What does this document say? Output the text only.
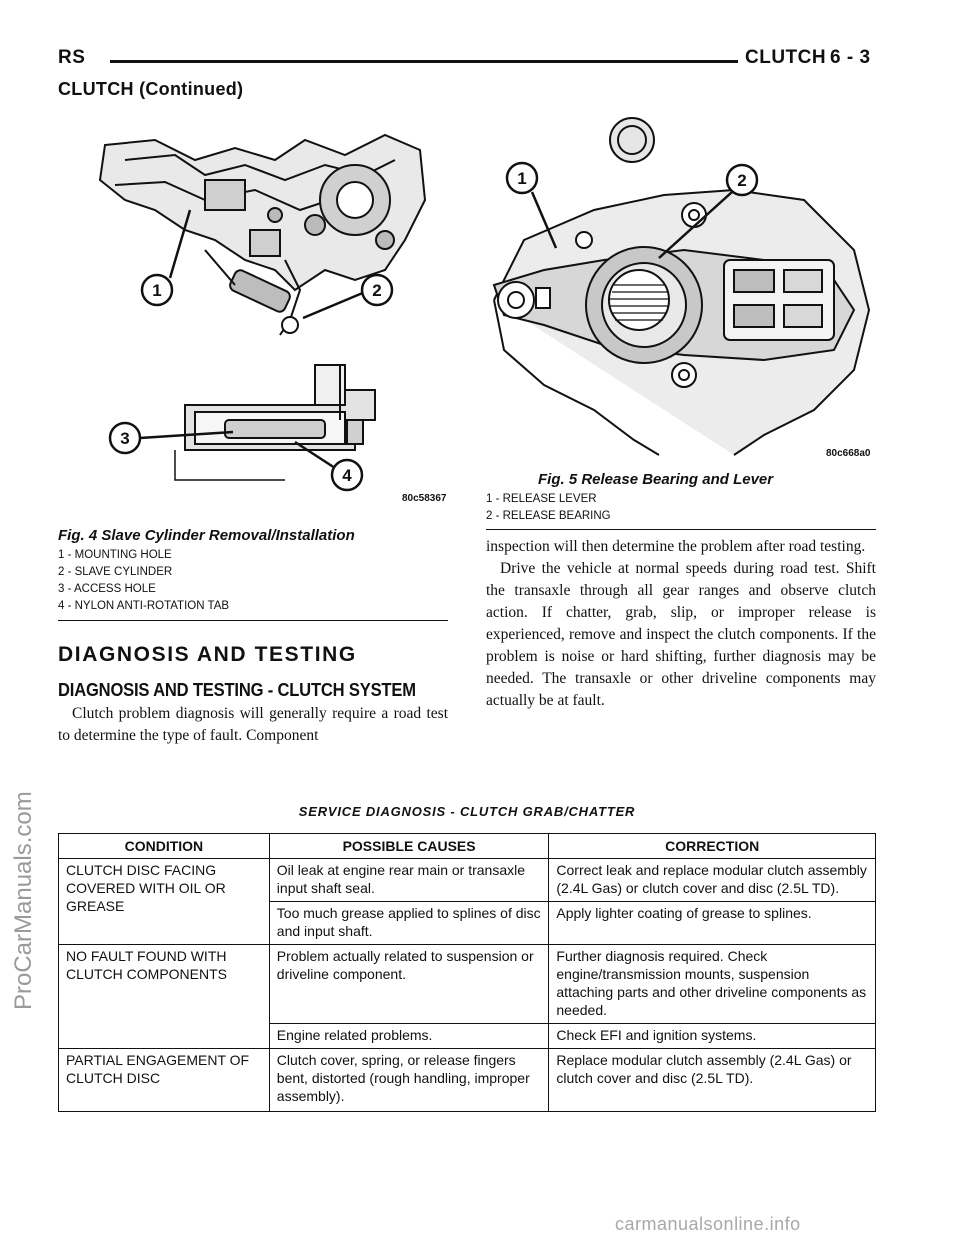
RS	CLUTCH 6 - 3
CLUTCH (Continued)
1	2
3
4
80c58367
Fig. 4 Slave Cylinder Removal/Installation
1 - MOUNTING HOLE
2 - SLAVE CYLINDER
3 - ACCESS HOLE
4 - NYLON ANTI-ROTATION TAB
1	2
80c668a0
Fig. 5 Release Bearing and Lever
1 - RELEASE LEVER
2 - RELEASE BEARING
DIAGNOSIS AND TESTING
DIAGNOSIS AND TESTING - CLUTCH SYSTEM

Clutch problem diagnosis will generally require a road test to determine the type of fault. Component

inspection will then determine the problem after road testing.

Drive the vehicle at normal speeds during road test. Shift the transaxle through all gear ranges and observe clutch action. If chatter, grab, slip, or improper release is experienced, remove and inspect the clutch components. If the problem is noise or hard shifting, further diagnosis may be needed. The transaxle or other driveline components may actually be at fault.

SERVICE DIAGNOSIS - CLUTCH GRAB/CHATTER
CONDITION	POSSIBLE CAUSES	CORRECTION
CLUTCH DISC FACING COVERED WITH OIL OR GREASE	Oil leak at engine rear main or transaxle input shaft seal.	Correct leak and replace modular clutch assembly (2.4L Gas) or clutch cover and disc (2.5L TD).
	Too much grease applied to splines of disc and input shaft.	Apply lighter coating of grease to splines.
NO FAULT FOUND WITH CLUTCH COMPONENTS	Problem actually related to suspension or driveline component.	Further diagnosis required. Check engine/transmission mounts, suspension attaching parts and other driveline components as needed.
	Engine related problems.	Check EFI and ignition systems.
PARTIAL ENGAGEMENT OF CLUTCH DISC	Clutch cover, spring, or release fingers bent, distorted (rough handling, improper assembly).	Replace modular clutch assembly (2.4L Gas) or clutch cover and disc (2.5L TD).
ProCarManuals.com
carmanualsonline.info
